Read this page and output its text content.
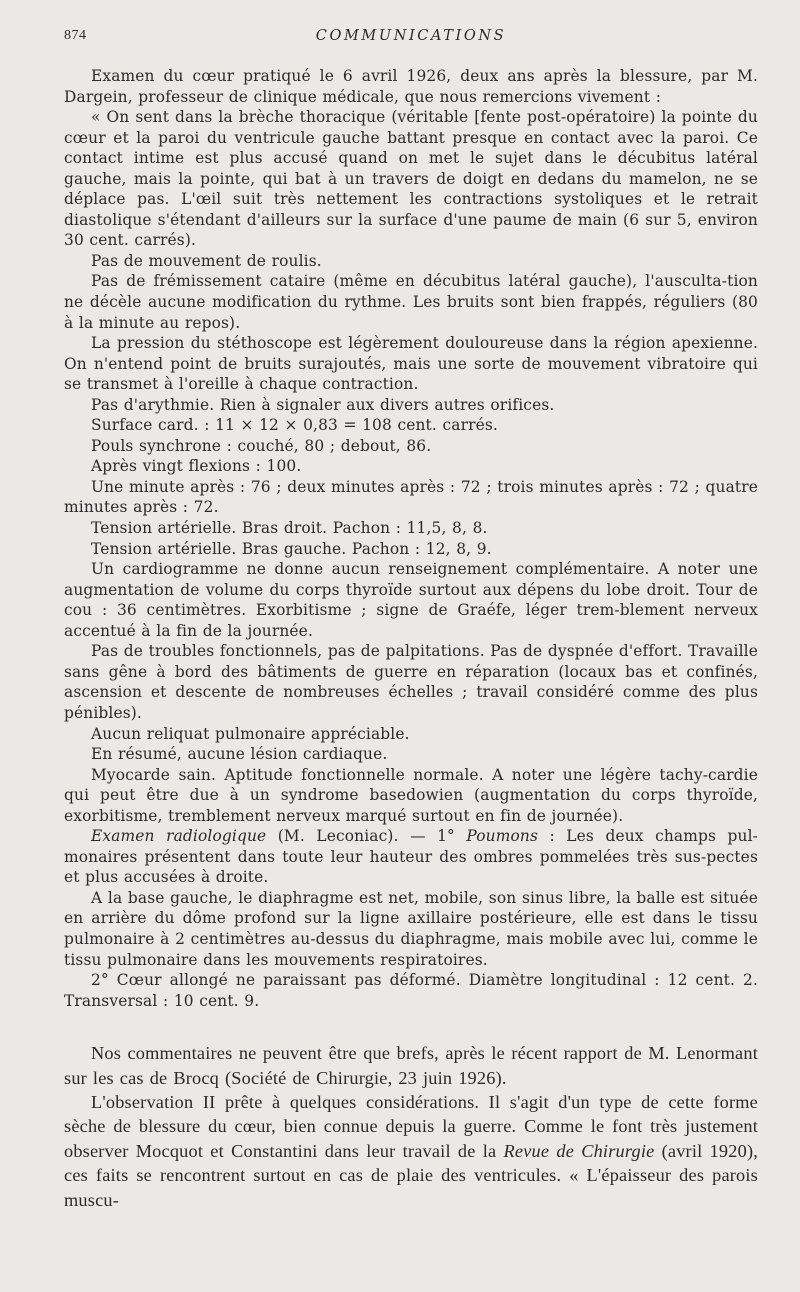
874	COMMUNICATIONS

Examen du cœur pratiqué le 6 avril 1926, deux ans après la blessure, par M. Dargein, professeur de clinique médicale, que nous remercions vivement :

« On sent dans la brèche thoracique (véritable [fente post-opératoire) la pointe du cœur et la paroi du ventricule gauche battant presque en contact avec la paroi. Ce contact intime est plus accusé quand on met le sujet dans le décubitus latéral gauche, mais la pointe, qui bat à un travers de doigt en dedans du mamelon, ne se déplace pas. L'œil suit très nettement les contractions systoliques et le retrait diastolique s'étendant d'ailleurs sur la surface d'une paume de main (6 sur 5, environ 30 cent. carrés).

Pas de mouvement de roulis.

Pas de frémissement cataire (même en décubitus latéral gauche), l'ausculta-tion ne décèle aucune modification du rythme. Les bruits sont bien frappés, réguliers (80 à la minute au repos).

La pression du stéthoscope est légèrement douloureuse dans la région apexienne. On n'entend point de bruits surajoutés, mais une sorte de mouvement vibratoire qui se transmet à l'oreille à chaque contraction.

Pas d'arythmie. Rien à signaler aux divers autres orifices.

Surface card. : 11 × 12 × 0,83 = 108 cent. carrés.

Pouls synchrone : couché, 80 ; debout, 86.

Après vingt flexions : 100.

Une minute après : 76 ; deux minutes après : 72 ; trois minutes après : 72 ; quatre minutes après : 72.

Tension artérielle. Bras droit. Pachon : 11,5, 8, 8.

Tension artérielle. Bras gauche. Pachon : 12, 8, 9.

Un cardiogramme ne donne aucun renseignement complémentaire. A noter une augmentation de volume du corps thyroïde surtout aux dépens du lobe droit. Tour de cou : 36 centimètres. Exorbitisme ; signe de Graéfe, léger trem-blement nerveux accentué à la fin de la journée.

Pas de troubles fonctionnels, pas de palpitations. Pas de dyspnée d'effort. Travaille sans gêne à bord des bâtiments de guerre en réparation (locaux bas et confinés, ascension et descente de nombreuses échelles ; travail considéré comme des plus pénibles).

Aucun reliquat pulmonaire appréciable.

En résumé, aucune lésion cardiaque.

Myocarde sain. Aptitude fonctionnelle normale. A noter une légère tachy-cardie qui peut être due à un syndrome basedowien (augmentation du corps thyroïde, exorbitisme, tremblement nerveux marqué surtout en fin de journée).

Examen radiologique (M. Leconiac). — 1° Poumons : Les deux champs pul-monaires présentent dans toute leur hauteur des ombres pommelées très sus-pectes et plus accusées à droite.

A la base gauche, le diaphragme est net, mobile, son sinus libre, la balle est située en arrière du dôme profond sur la ligne axillaire postérieure, elle est dans le tissu pulmonaire à 2 centimètres au-dessus du diaphragme, mais mobile avec lui, comme le tissu pulmonaire dans les mouvements respiratoires.

2° Cœur allongé ne paraissant pas déformé. Diamètre longitudinal : 12 cent. 2. Transversal : 10 cent. 9.

Nos commentaires ne peuvent être que brefs, après le récent rapport de M. Lenormant sur les cas de Brocq (Société de Chirurgie, 23 juin 1926).

L'observation II prête à quelques considérations. Il s'agit d'un type de cette forme sèche de blessure du cœur, bien connue depuis la guerre. Comme le font très justement observer Mocquot et Constantini dans leur travail de la Revue de Chirurgie (avril 1920), ces faits se rencontrent surtout en cas de plaie des ventricules. « L'épaisseur des parois muscu-
